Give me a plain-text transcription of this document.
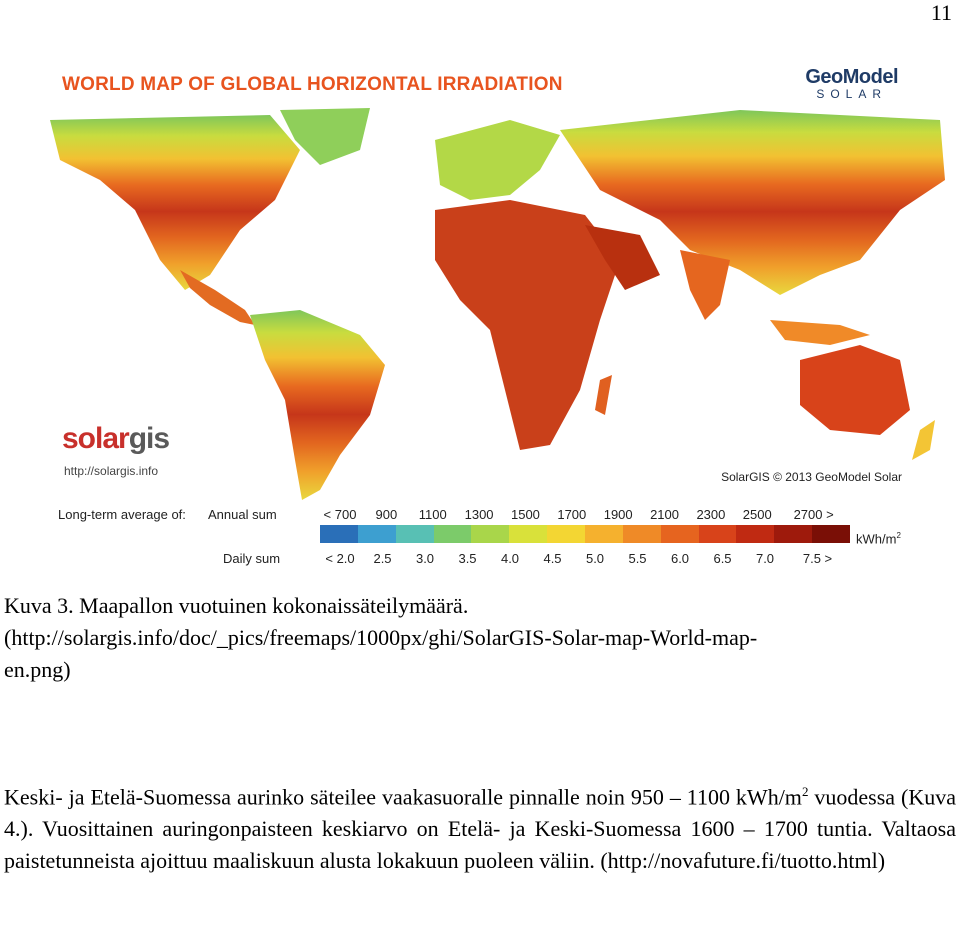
11
WORLD MAP OF GLOBAL HORIZONTAL IRRADIATION	GeoModel
SOLAR
solargis
http://solargis.info	SolarGIS © 2013 GeoModel Solar
Long-term average of: Annual sum
Daily sum
< 700 900 1100 1300 1500 1700 1900 2100 2300 2500 2700 >
< 2.0 2.5 3.0 3.5 4.0 4.5 5.0 5.5 6.0 6.5 7.0 7.5 >
kWh/$m^2$
Kuva 3. Maapallon vuotuinen kokonaissäteilymäärä.
(http://solargis.info/doc/_pics/freemaps/1000px/ghi/SolarGIS-Solar-map-World-map-
en.png)
Keski- ja Etelä-Suomessa aurinko säteilee vaakasuoralle pinnalle noin 950 – 1100 kWh/$m^2$ vuodessa (Kuva 4.). Vuosittainen auringonpaisteen keskiarvo on Etelä- ja Keski-Suomessa 1600 – 1700 tuntia. Valtaosa paistetunneista ajoittuu maaliskuun alusta lokakuun puoleen väliin. (http://novafuture.fi/tuotto.html)
